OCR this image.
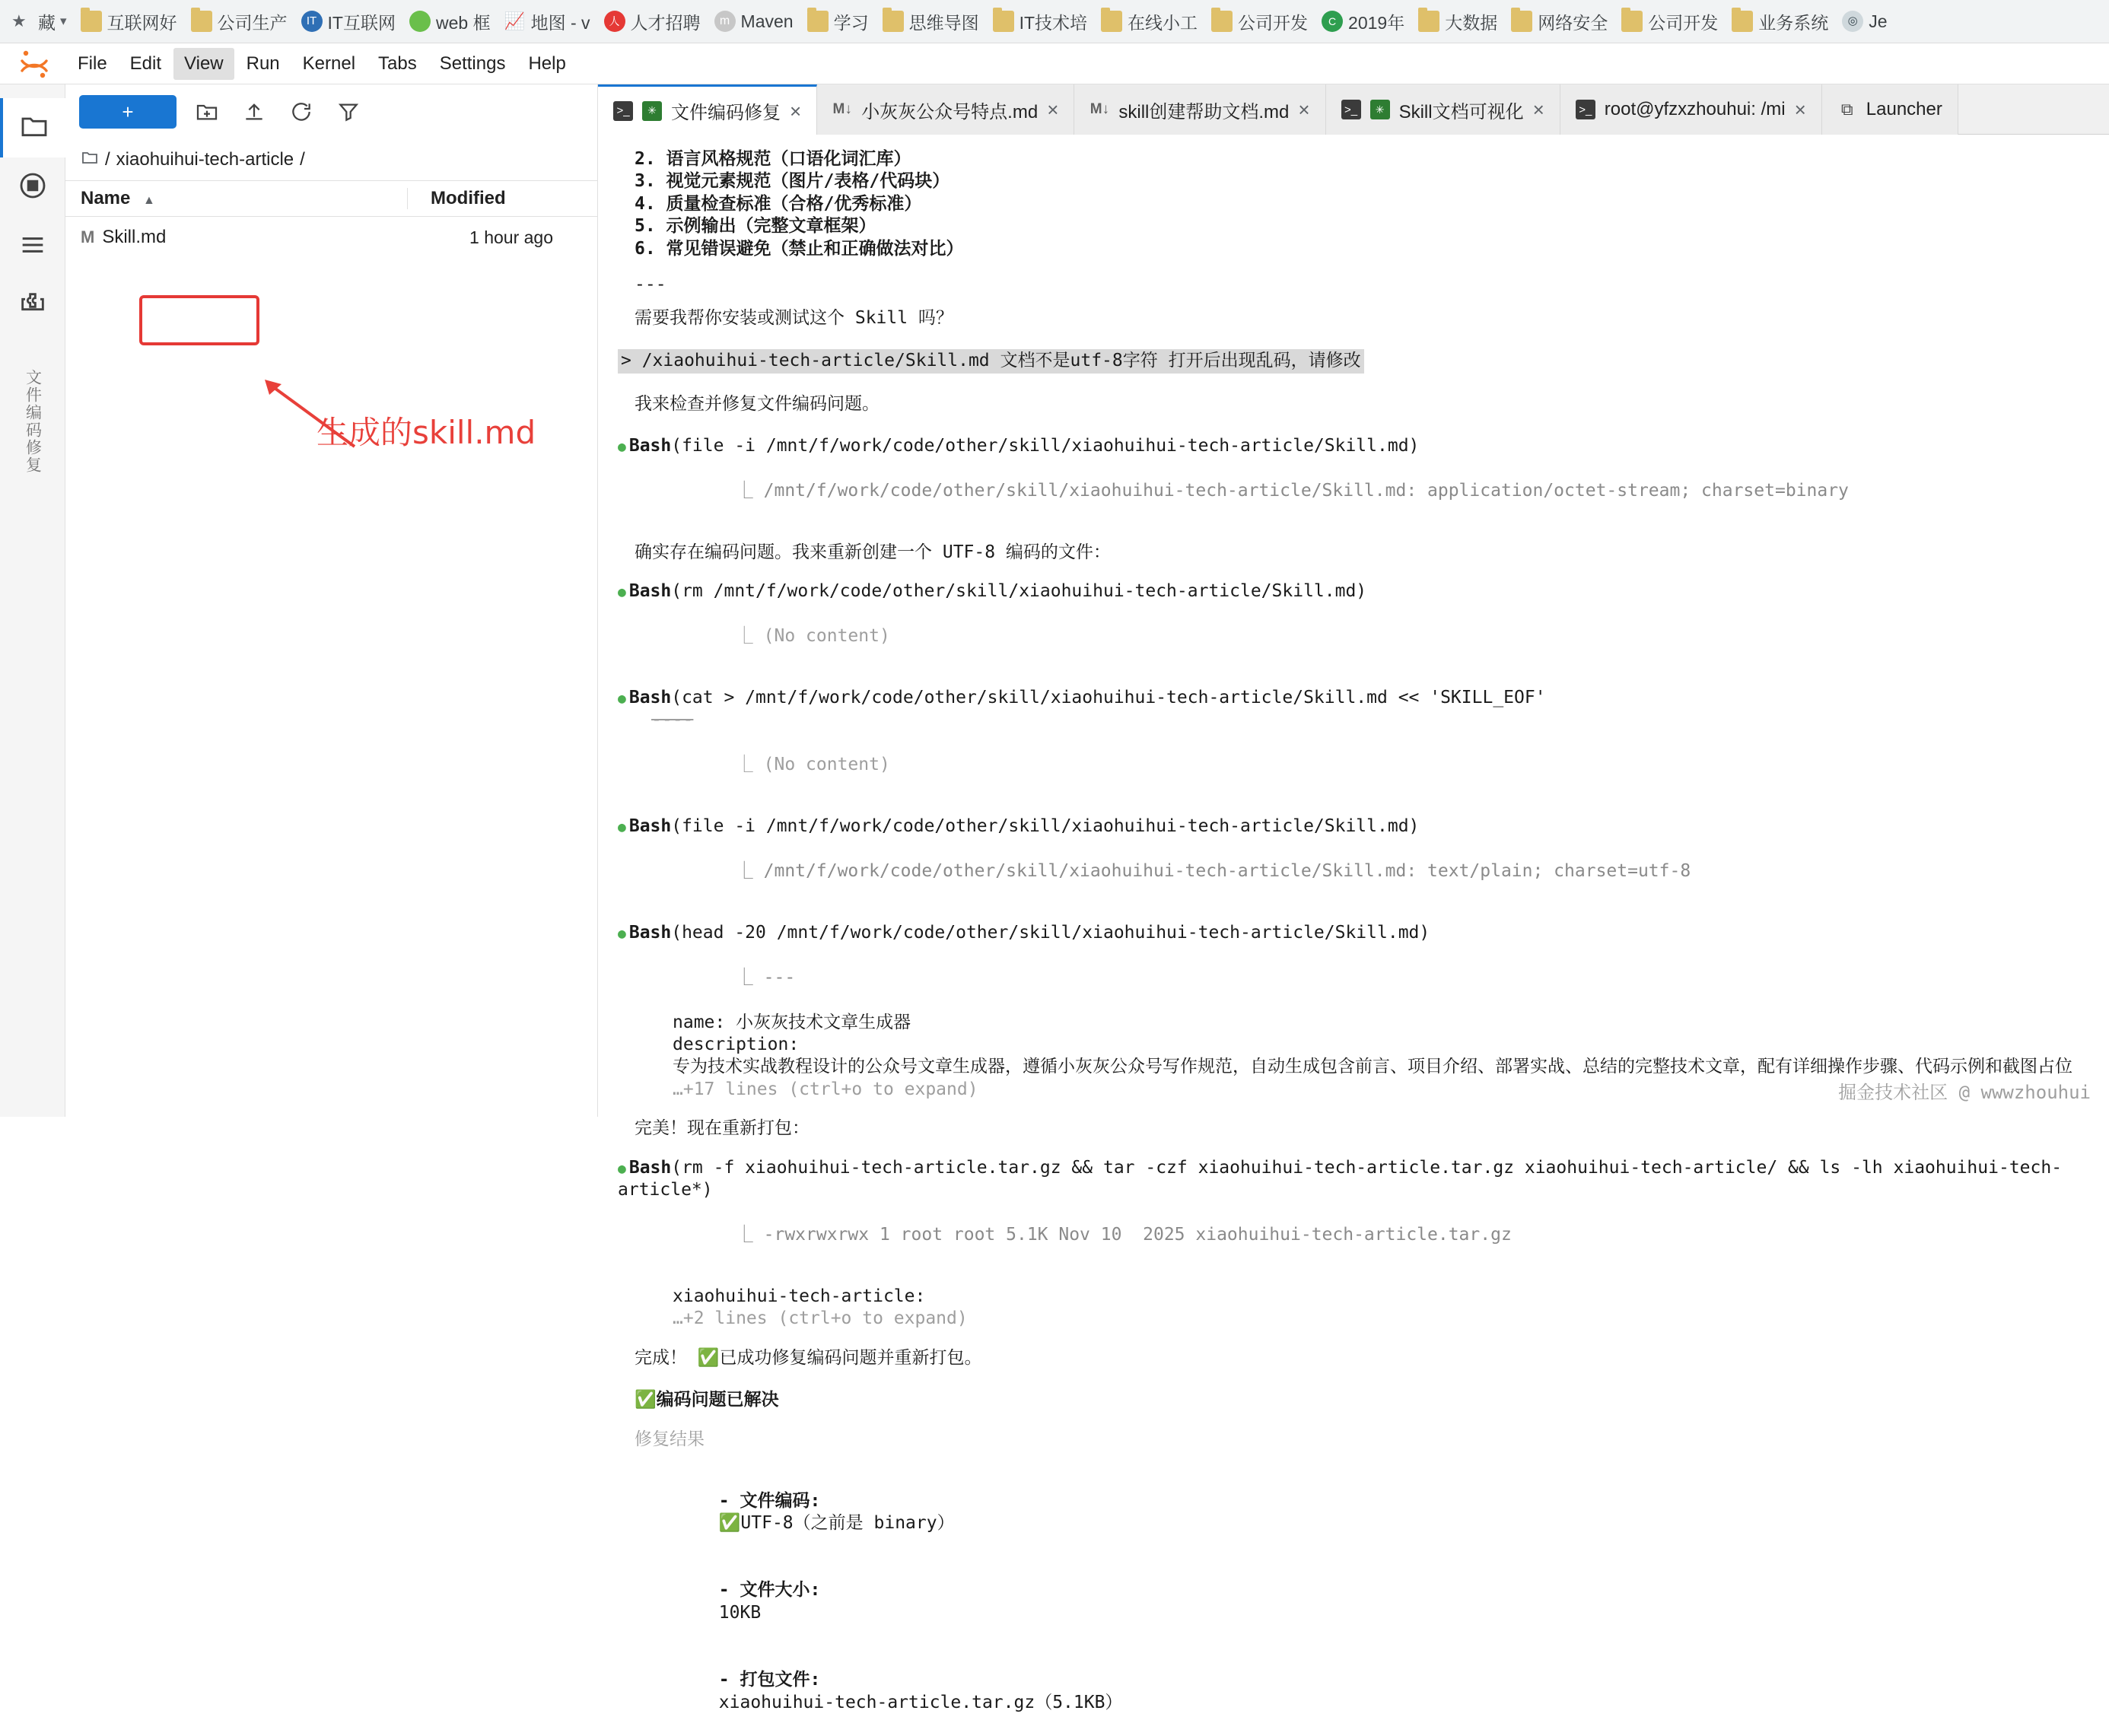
★ 藏 ▾ 互联网好 公司生产	IT IT互联网 web 框 📈 地图 - v	人 人才招聘	m Maven 学习 思维导图 IT技术培 在线小工 公司开发	C 2019年 大数据 网络安全 公司开发 业务系统	◎ Je
File	Edit	View	Run	Kernel	Tabs	Settings	Help
文件编码修复
+
/ xiaohuihui-tech-article /
Name ▲	Modified
M Skill.md	1 hour ago
生成的skill.md
>_	✳ 文件编码修复 × M↓ 小灰灰公众号特点.md × M↓ skill创建帮助文档.md ×	>_	✳ Skill文档可视化 ×	>_ root@yfzxzhouhui: /mi × ⧉ Launcher
2. 语言风格规范（口语化词汇库）
3. 视觉元素规范（图片/表格/代码块）
4. 质量检查标准（合格/优秀标准）
5. 示例输出（完整文章框架）
6. 常见错误避免（禁止和正确做法对比）
---
需要我帮你安装或测试这个 Skill 吗？
> /xiaohuihui-tech-article/Skill.md 文档不是utf-8字符 打开后出现乱码，请修改
我来检查并修复文件编码问题。
● Bash(file -i /mnt/f/work/code/other/skill/xiaohuihui-tech-article/Skill.md)

⎿ /mnt/f/work/code/other/skill/xiaohuihui-tech-article/Skill.md: application/octet-stream; charset=binary

确实存在编码问题。我来重新创建一个 UTF-8 编码的文件：
● Bash(rm /mnt/f/work/code/other/skill/xiaohuihui-tech-article/Skill.md)

⎿ (No content)

● Bash(cat > /mnt/f/work/code/other/skill/xiaohuihui-tech-article/Skill.md << 'SKILL_EOF'
----

⎿ (No content)

● Bash(file -i /mnt/f/work/code/other/skill/xiaohuihui-tech-article/Skill.md)

⎿ /mnt/f/work/code/other/skill/xiaohuihui-tech-article/Skill.md: text/plain; charset=utf-8

● Bash(head -20 /mnt/f/work/code/other/skill/xiaohuihui-tech-article/Skill.md)

⎿ ---

name: 小灰灰技术文章生成器
description:
专为技术实战教程设计的公众号文章生成器，遵循小灰灰公众号写作规范，自动生成包含前言、项目介绍、部署实战、总结的完整技术文章，配有详细操作步骤、代码示例和截图占位
…+17 lines (ctrl+o to expand)
完美！现在重新打包：
● Bash(rm -f xiaohuihui-tech-article.tar.gz && tar -czf xiaohuihui-tech-article.tar.gz xiaohuihui-tech-article/ && ls -lh xiaohuihui-tech-article*)

⎿ -rwxrwxrwx 1 root root 5.1K Nov 10  2025 xiaohuihui-tech-article.tar.gz

xiaohuihui-tech-article:
…+2 lines (ctrl+o to expand)
完成！ ✅已成功修复编码问题并重新打包。
✅编码问题已解决
修复结果

- 文件编码:
✅UTF-8（之前是 binary）

- 文件大小:
10KB

- 打包文件:
xiaohuihui-tech-article.tar.gz（5.1KB）

掘金技术社区 @ wwwzhouhui
